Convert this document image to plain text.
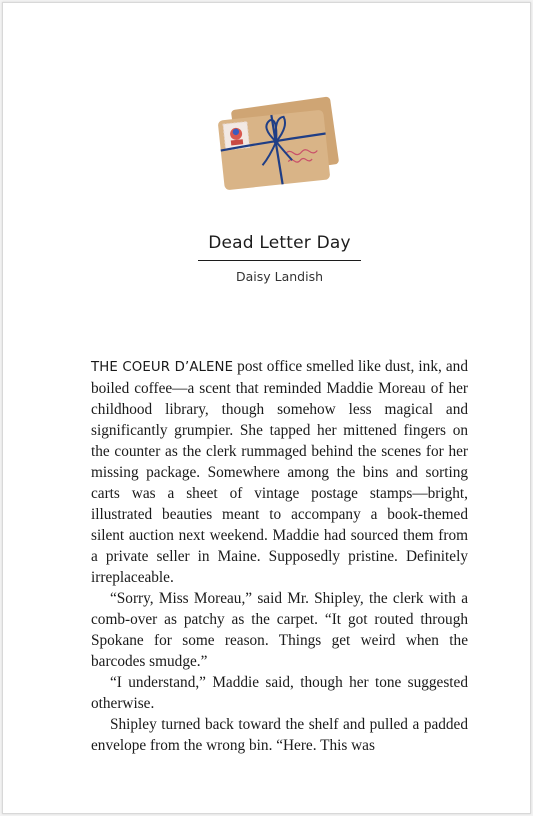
Dead Letter Day
Daisy Landish

THE COEUR D’ALENE post office smelled like dust, ink, and boiled coffee—a scent that reminded Maddie Moreau of her childhood library, though somehow less magical and significantly grumpier. She tapped her mittened fingers on the counter as the clerk rummaged behind the scenes for her missing package. Somewhere among the bins and sorting carts was a sheet of vintage postage stamps—bright, illustrated beauties meant to accompany a book-themed silent auction next weekend. Maddie had sourced them from a private seller in Maine. Supposedly pristine. Definitely irreplaceable.

“Sorry, Miss Moreau,” said Mr. Shipley, the clerk with a comb-over as patchy as the carpet. “It got routed through Spokane for some reason. Things get weird when the barcodes smudge.”

“I understand,” Maddie said, though her tone suggested otherwise.

Shipley turned back toward the shelf and pulled a padded envelope from the wrong bin. “Here. This was
